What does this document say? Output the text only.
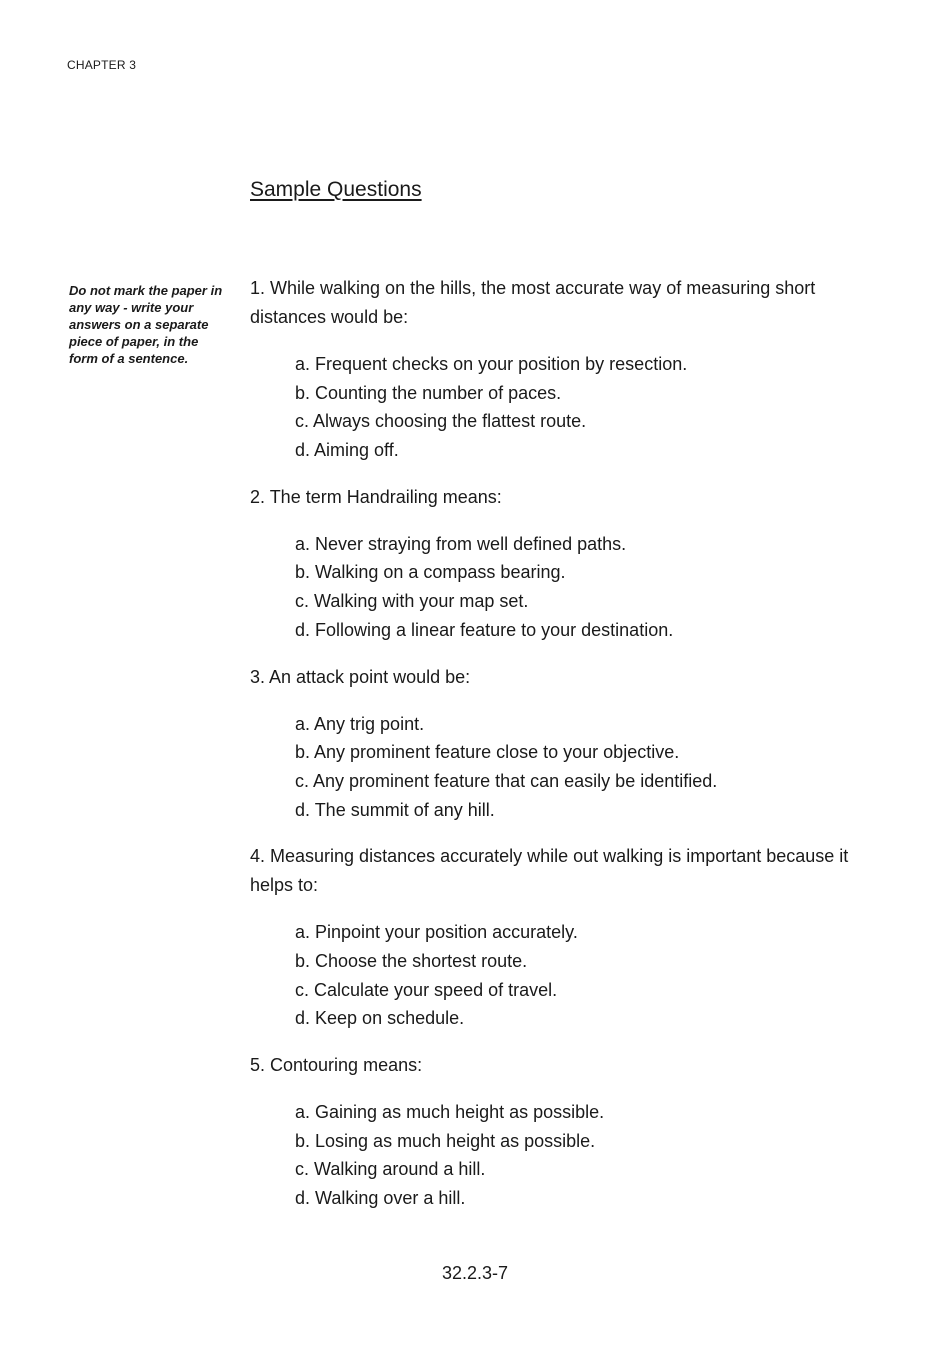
CHAPTER 3
Sample Questions
Do not mark the paper in any way - write your answers on a separate piece of paper, in the form of a sentence.
1. While walking on the hills, the most accurate way of measuring short distances would be:
a. Frequent checks on your position by resection.
b. Counting the number of paces.
c. Always choosing the flattest route.
d. Aiming off.
2. The term Handrailing means:
a. Never straying from well defined paths.
b. Walking on a compass bearing.
c. Walking with your map set.
d. Following a linear feature to your destination.
3. An attack point would be:
a. Any trig point.
b. Any prominent feature close to your objective.
c. Any prominent feature that can easily be identified.
d. The summit of any hill.
4. Measuring distances accurately while out walking is important because it helps to:
a. Pinpoint your position accurately.
b. Choose the shortest route.
c. Calculate your speed of travel.
d. Keep on schedule.
5. Contouring means:
a. Gaining as much height as possible.
b. Losing as much height as possible.
c. Walking around a hill.
d. Walking over a hill.
32.2.3-7
